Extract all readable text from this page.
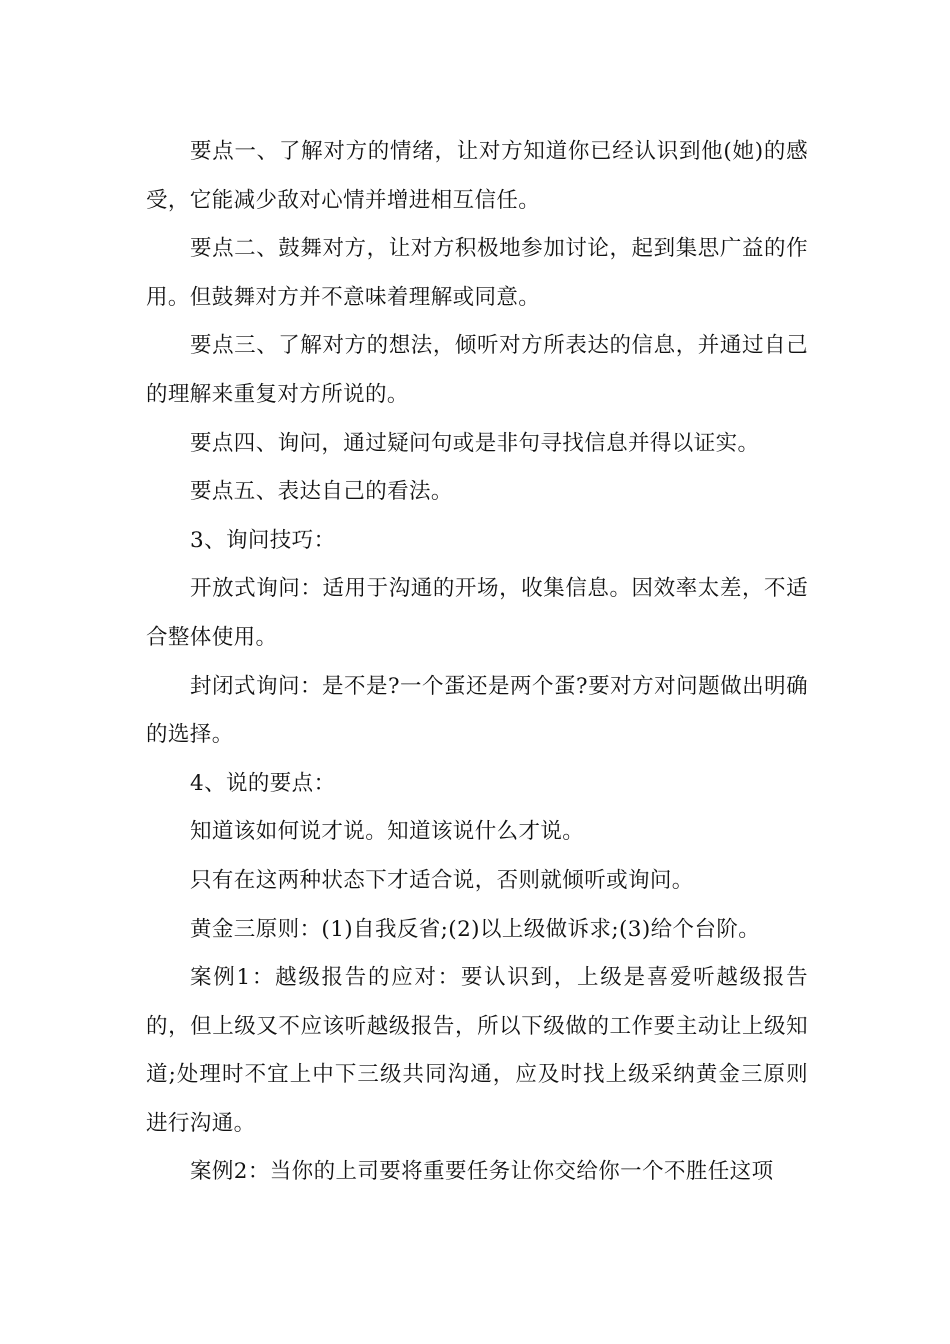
要点一、了解对方的情绪，让对方知道你已经认识到他(她)的感受，它能减少敌对心情并增进相互信任。

要点二、鼓舞对方，让对方积极地参加讨论，起到集思广益的作用。但鼓舞对方并不意味着理解或同意。

要点三、了解对方的想法，倾听对方所表达的信息，并通过自己的理解来重复对方所说的。

要点四、询问，通过疑问句或是非句寻找信息并得以证实。

要点五、表达自己的看法。

3、询问技巧：

开放式询问：适用于沟通的开场，收集信息。因效率太差，不适合整体使用。

封闭式询问：是不是?一个蛋还是两个蛋?要对方对问题做出明确的选择。

4、说的要点：

知道该如何说才说。知道该说什么才说。

只有在这两种状态下才适合说，否则就倾听或询问。

黄金三原则：(1)自我反省;(2)以上级做诉求;(3)给个台阶。

案例1：越级报告的应对：要认识到，上级是喜爱听越级报告的，但上级又不应该听越级报告，所以下级做的工作要主动让上级知道;处理时不宜上中下三级共同沟通，应及时找上级采纳黄金三原则进行沟通。

案例2：当你的上司要将重要任务让你交给你一个不胜任这项
